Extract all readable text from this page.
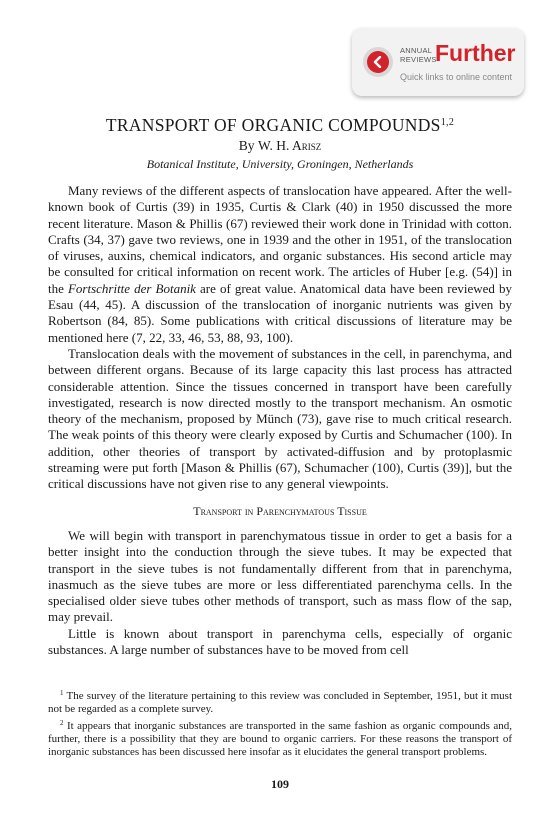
ANNUAL
REVIEWS
Further
Quick links to online content
TRANSPORT OF ORGANIC COMPOUNDS$^{1,2}$
By W. H. Arisz
Botanical Institute, University, Groningen, Netherlands

Many reviews of the different aspects of translocation have appeared. After the well-known book of Curtis (39) in 1935, Curtis & Clark (40) in 1950 discussed the more recent literature. Mason & Phillis (67) reviewed their work done in Trinidad with cotton. Crafts (34, 37) gave two reviews, one in 1939 and the other in 1951, of the translocation of viruses, auxins, chemical indicators, and organic substances. His second article may be consulted for critical information on recent work. The articles of Huber [e.g. (54)] in the Fortschritte der Botanik are of great value. Anatomical data have been reviewed by Esau (44, 45). A discussion of the translocation of inorganic nutrients was given by Robertson (84, 85). Some publications with critical discussions of literature may be mentioned here (7, 22, 33, 46, 53, 88, 93, 100).

Translocation deals with the movement of substances in the cell, in parenchyma, and between different organs. Because of its large capacity this last process has attracted considerable attention. Since the tissues concerned in transport have been carefully investigated, research is now directed mostly to the transport mechanism. An osmotic theory of the mechanism, proposed by Münch (73), gave rise to much critical research. The weak points of this theory were clearly exposed by Curtis and Schumacher (100). In addition, other theories of transport by activated-diffusion and by protoplasmic streaming were put forth [Mason & Phillis (67), Schumacher (100), Curtis (39)], but the critical discussions have not given rise to any general viewpoints.

Transport in Parenchymatous Tissue

We will begin with transport in parenchymatous tissue in order to get a basis for a better insight into the conduction through the sieve tubes. It may be expected that transport in the sieve tubes is not fundamentally different from that in parenchyma, inasmuch as the sieve tubes are more or less differentiated parenchyma cells. In the specialised older sieve tubes other methods of transport, such as mass flow of the sap, may prevail.

Little is known about transport in parenchyma cells, especially of organic substances. A large number of substances have to be moved from cell

$^1$ The survey of the literature pertaining to this review was concluded in September, 1951, but it must not be regarded as a complete survey.

$^2$ It appears that inorganic substances are transported in the same fashion as organic compounds and, further, there is a possibility that they are bound to organic carriers. For these reasons the transport of inorganic substances has been discussed here insofar as it elucidates the general transport problems.

109
